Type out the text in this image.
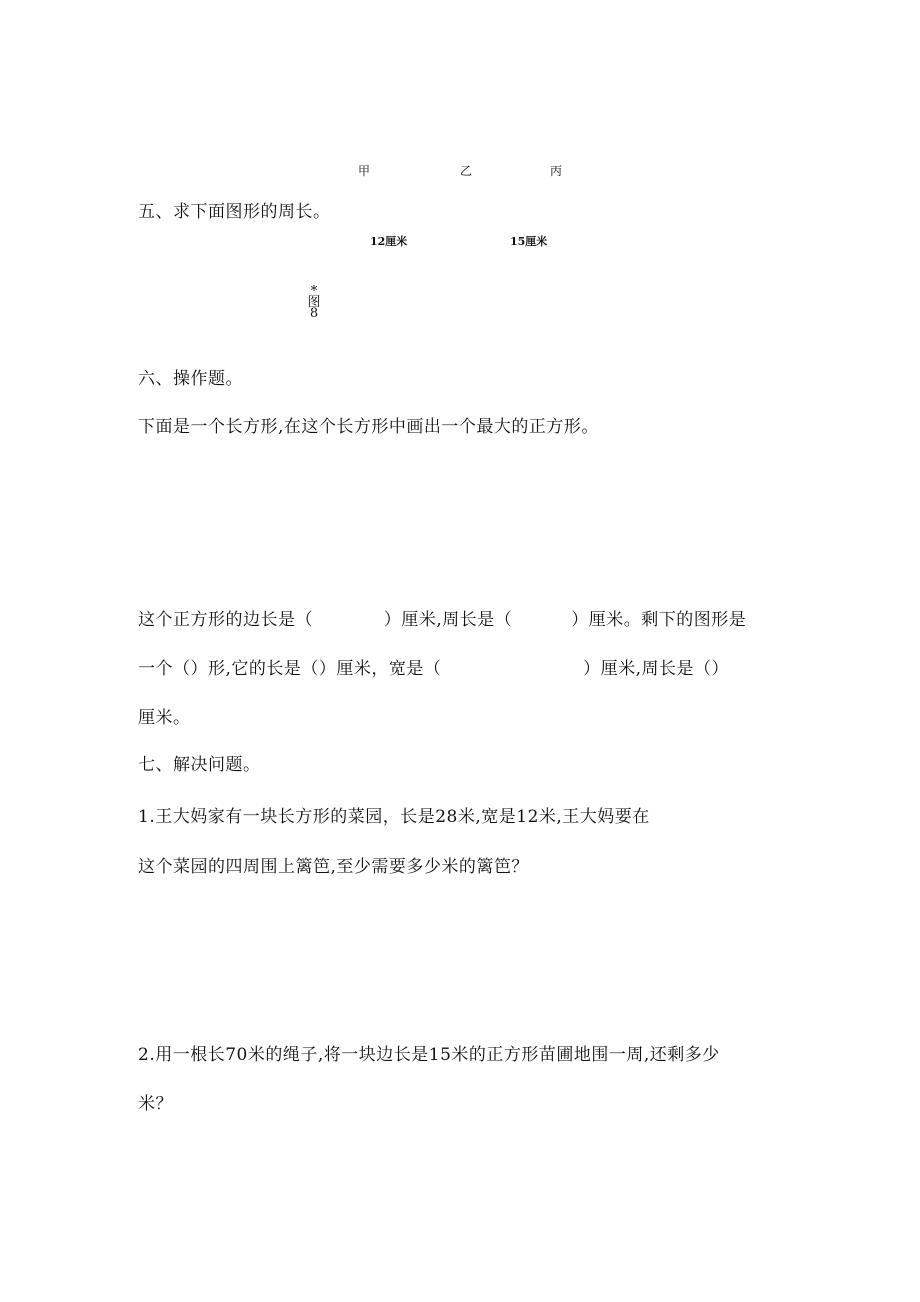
甲	乙	丙
五、求下面图形的周长。
12厘米	15厘米
*
图
8
六、操作题。
下面是一个长方形,在这个长方形中画出一个最大的正方形。
这个正方形的边长是（            ）厘米,周长是（          ）厘米。剩下的图形是
一个（）形,它的长是（）厘米，宽是（                        ）厘米,周长是（）
厘米。
七、解决问题。
1.王大妈家有一块长方形的菜园，长是28米,宽是12米,王大妈要在
这个菜园的四周围上篱笆,至少需要多少米的篱笆？
2.用一根长70米的绳子,将一块边长是15米的正方形苗圃地围一周,还剩多少
米？
